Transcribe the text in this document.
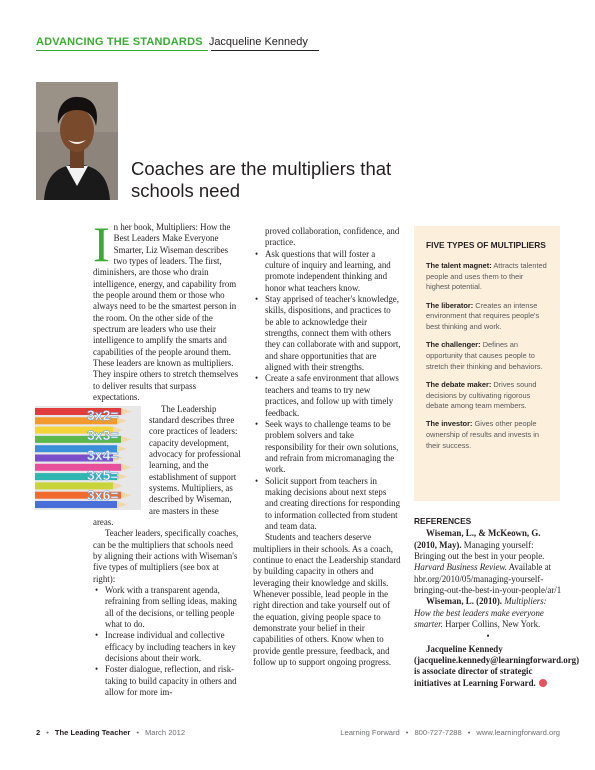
ADVANCING THE STANDARDS Jacqueline Kennedy
Coaches are the multipliers that schools need
I n her book, Multipliers: How the Best Leaders Make Everyone Smarter, Liz Wiseman describes two types of leaders. The first, diminishers, are those who drain intelligence, energy, and capability from the people around them or those who always need to be the smartest person in the room. On the other side of the spectrum are leaders who use their intelligence to amplify the smarts and capabilities of the people around them. These leaders are known as multipliers. They inspire others to stretch themselves to deliver results that surpass expectations.

3x2=
3x3=
3x4=
3x5=
3x6=
The Leadership standard describes three core practices of leaders: capacity development, advocacy for professional learning, and the establishment of support systems. Multipliers, as described by Wiseman, are masters in these areas.

Teacher leaders, specifically coaches, can be the multipliers that schools need by aligning their actions with Wiseman's five types of multipliers (see box at right):

• Work with a transparent agenda, refraining from selling ideas, making all of the decisions, or telling people what to do.
• Increase individual and collective efficacy by including teachers in key decisions about their work.
• Foster dialogue, reflection, and risk-taking to build capacity in others and allow for more im-

proved collaboration, confidence, and practice.

• Ask questions that will foster a culture of inquiry and learning, and promote independent thinking and honor what teachers know.
• Stay apprised of teacher's knowledge, skills, dispositions, and practices to be able to acknowledge their strengths, connect them with others they can collaborate with and support, and share opportunities that are aligned with their strengths.
• Create a safe environment that allows teachers and teams to try new practices, and follow up with timely feedback.
• Seek ways to challenge teams to be problem solvers and take responsibility for their own solutions, and refrain from micromanaging the work.
• Solicit support from teachers in making decisions about next steps and creating directions for responding to information collected from student and team data.

Students and teachers deserve multipliers in their schools. As a coach, continue to enact the Leadership standard by building capacity in others and leveraging their knowledge and skills. Whenever possible, lead people in the right direction and take yourself out of the equation, giving people space to demonstrate your belief in their capabilities of others. Know when to provide gentle pressure, feedback, and follow up to support ongoing progress.

FIVE TYPES OF MULTIPLIERS
The talent magnet: Attracts talented people and uses them to their highest potential.
The liberator: Creates an intense environment that requires people's best thinking and work.
The challenger: Defines an opportunity that causes people to stretch their thinking and behaviors.
The debate maker: Drives sound decisions by cultivating rigorous debate among team members.
The investor: Gives other people ownership of results and invests in their success.
REFERENCES

Wiseman, L., & McKeown, G. (2010, May). Managing yourself: Bringing out the best in your people. Harvard Business Review. Available at hbr.org/2010/05/managing-yourself-bringing-out-the-best-in-your-people/ar/1

Wiseman, L. (2010). Multipliers: How the best leaders make everyone smarter. Harper Collins, New York.

•

Jacqueline Kennedy (jacqueline.kennedy@learningforward.org) is associate director of strategic initiatives at Learning Forward.

2 • The Leading Teacher • March 2012	Learning Forward • 800-727-7288 • www.learningforward.org
